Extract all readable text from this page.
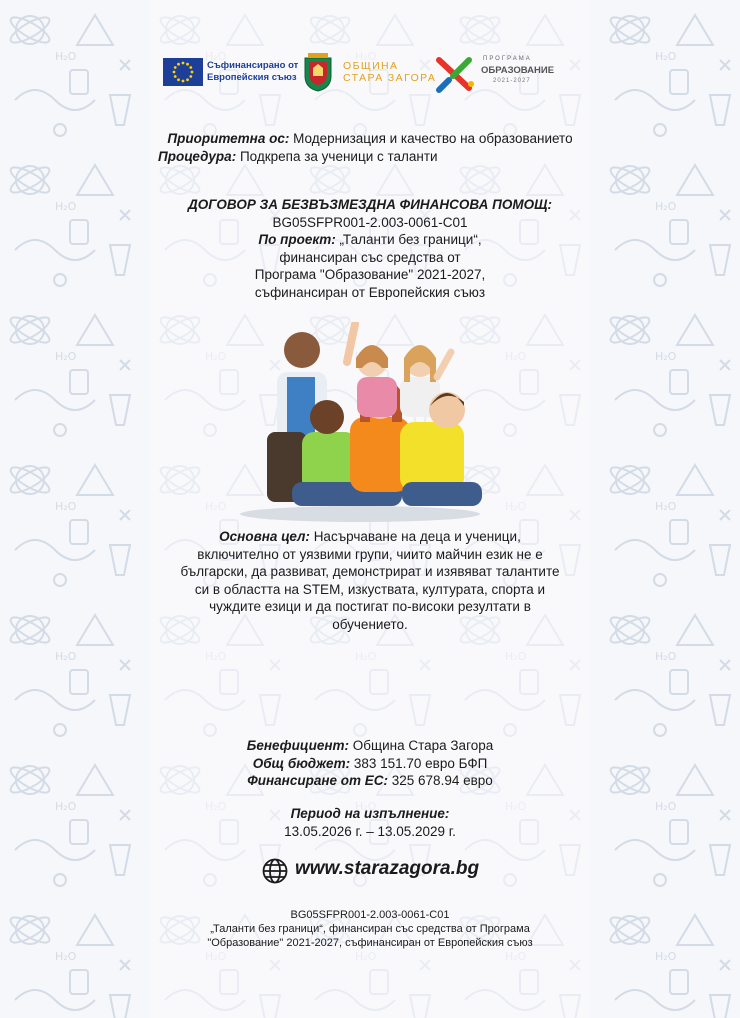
Съфинансирано от
Европейския съюз
ОБЩИНА
СТАРА ЗАГОРА
ПРОГРАМА
ОБРАЗОВАНИЕ
2021-2027
Приоритетна ос: Модернизация и качество на образованието
Процедура: Подкрепа за ученици с таланти
ДОГОВОР ЗА БЕЗВЪЗМЕЗДНА ФИНАНСОВА ПОМОЩ:
BG05SFPR001-2.003-0061-C01
По проект: „Таланти без граници“,
финансиран със средства от
Програма "Образование" 2021-2027,
съфинансиран от Европейския съюз
Основна цел: Насърчаване на деца и ученици,
включително от уязвими групи, чиито майчин език не е
български, да развиват, демонстрират и изявяват талантите
си в областта на STEM, изкуствата, културата, спорта и
чуждите езици и да постигат по-високи резултати в
обучението.
Бенефициент: Община Стара Загора
Общ бюджет: 383 151.70 евро БФП
Финансиране от ЕС: 325 678.94 евро
Период на изпълнение:
13.05.2026 г. – 13.05.2029 г.
www.starazagora.bg
BG05SFPR001-2.003-0061-C01
„Таланти без граници“, финансиран със средства от Програма
"Образование" 2021-2027, съфинансиран от Европейския съюз
